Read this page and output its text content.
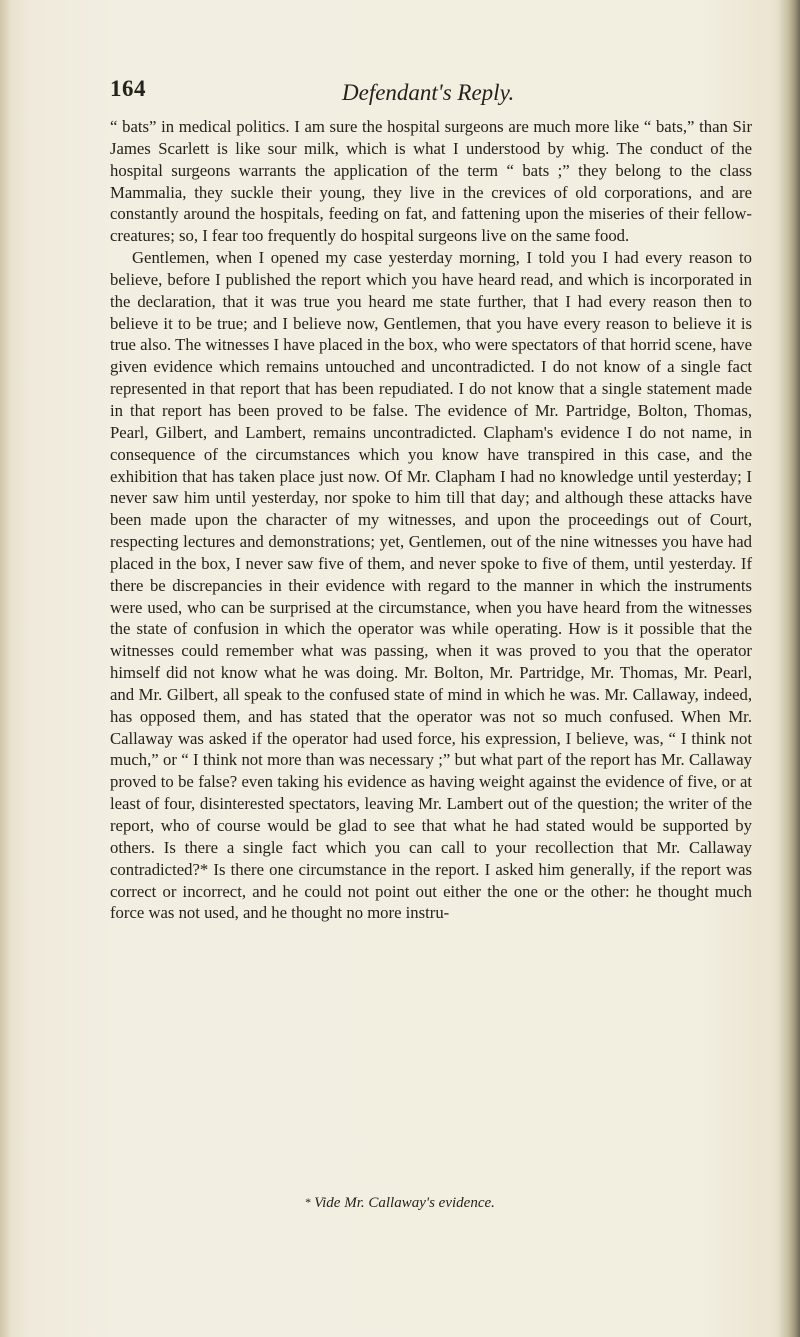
164	Defendant's Reply.

“ bats” in medical politics. I am sure the hospital surgeons are much more like “ bats,” than Sir James Scarlett is like sour milk, which is what I understood by whig. The conduct of the hospital surgeons warrants the application of the term “ bats ;” they belong to the class Mammalia, they suckle their young, they live in the crevices of old corporations, and are constantly around the hospitals, feeding on fat, and fattening upon the miseries of their fellow-creatures; so, I fear too frequently do hospital surgeons live on the same food.

Gentlemen, when I opened my case yesterday morning, I told you I had every reason to believe, before I published the report which you have heard read, and which is incorporated in the declaration, that it was true you heard me state further, that I had every reason then to believe it to be true; and I believe now, Gentlemen, that you have every reason to believe it is true also. The witnesses I have placed in the box, who were spectators of that horrid scene, have given evidence which remains untouched and uncontradicted. I do not know of a single fact represented in that report that has been repudiated. I do not know that a single statement made in that report has been proved to be false. The evidence of Mr. Partridge, Bolton, Thomas, Pearl, Gilbert, and Lambert, remains uncontradicted. Clapham's evidence I do not name, in consequence of the circumstances which you know have transpired in this case, and the exhibition that has taken place just now. Of Mr. Clapham I had no knowledge until yesterday; I never saw him until yesterday, nor spoke to him till that day; and although these attacks have been made upon the character of my witnesses, and upon the proceedings out of Court, respecting lectures and demonstrations; yet, Gentlemen, out of the nine witnesses you have had placed in the box, I never saw five of them, and never spoke to five of them, until yesterday. If there be discrepancies in their evidence with regard to the manner in which the instruments were used, who can be surprised at the circumstance, when you have heard from the witnesses the state of confusion in which the operator was while operating. How is it possible that the witnesses could remember what was passing, when it was proved to you that the operator himself did not know what he was doing. Mr. Bolton, Mr. Partridge, Mr. Thomas, Mr. Pearl, and Mr. Gilbert, all speak to the confused state of mind in which he was. Mr. Callaway, indeed, has opposed them, and has stated that the operator was not so much confused. When Mr. Callaway was asked if the operator had used force, his expression, I believe, was, “ I think not much,” or “ I think not more than was necessary ;” but what part of the report has Mr. Callaway proved to be false? even taking his evidence as having weight against the evidence of five, or at least of four, disinterested spectators, leaving Mr. Lambert out of the question; the writer of the report, who of course would be glad to see that what he had stated would be supported by others. Is there a single fact which you can call to your recollection that Mr. Callaway contradicted?* Is there one circumstance in the report. I asked him generally, if the report was correct or incorrect, and he could not point out either the one or the other: he thought much force was not used, and he thought no more instru-

* Vide Mr. Callaway's evidence.
